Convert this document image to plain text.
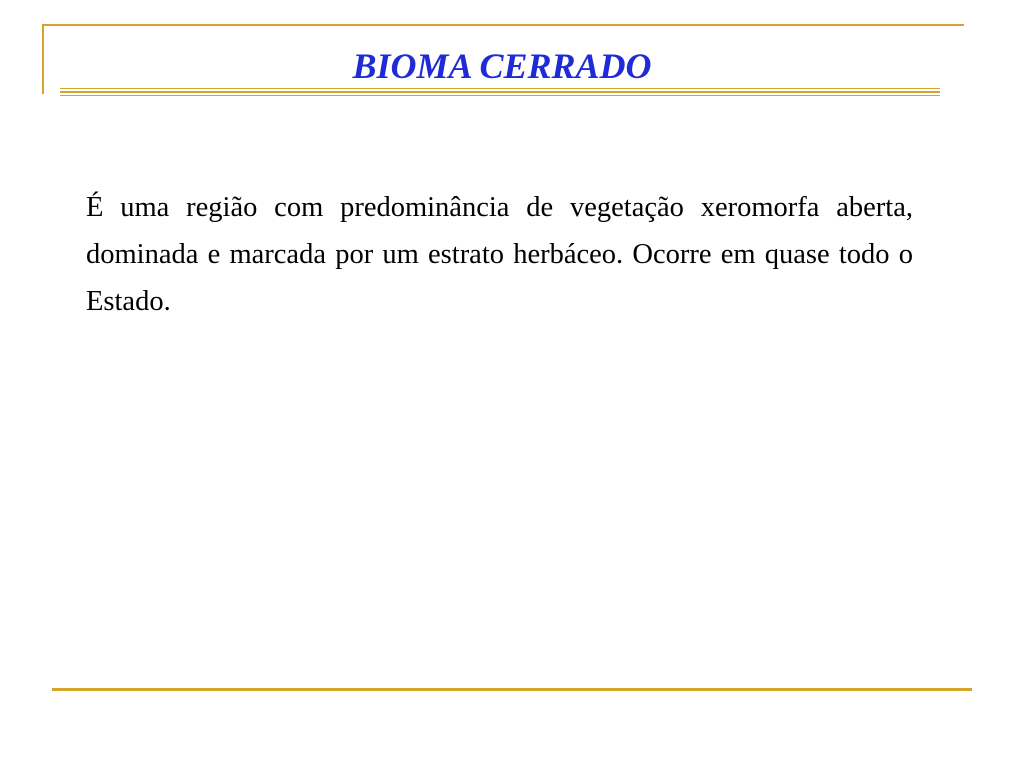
BIOMA CERRADO

É uma região com predominância de vegetação xeromorfa aberta, dominada e marcada por um estrato herbáceo. Ocorre em quase todo o Estado.
